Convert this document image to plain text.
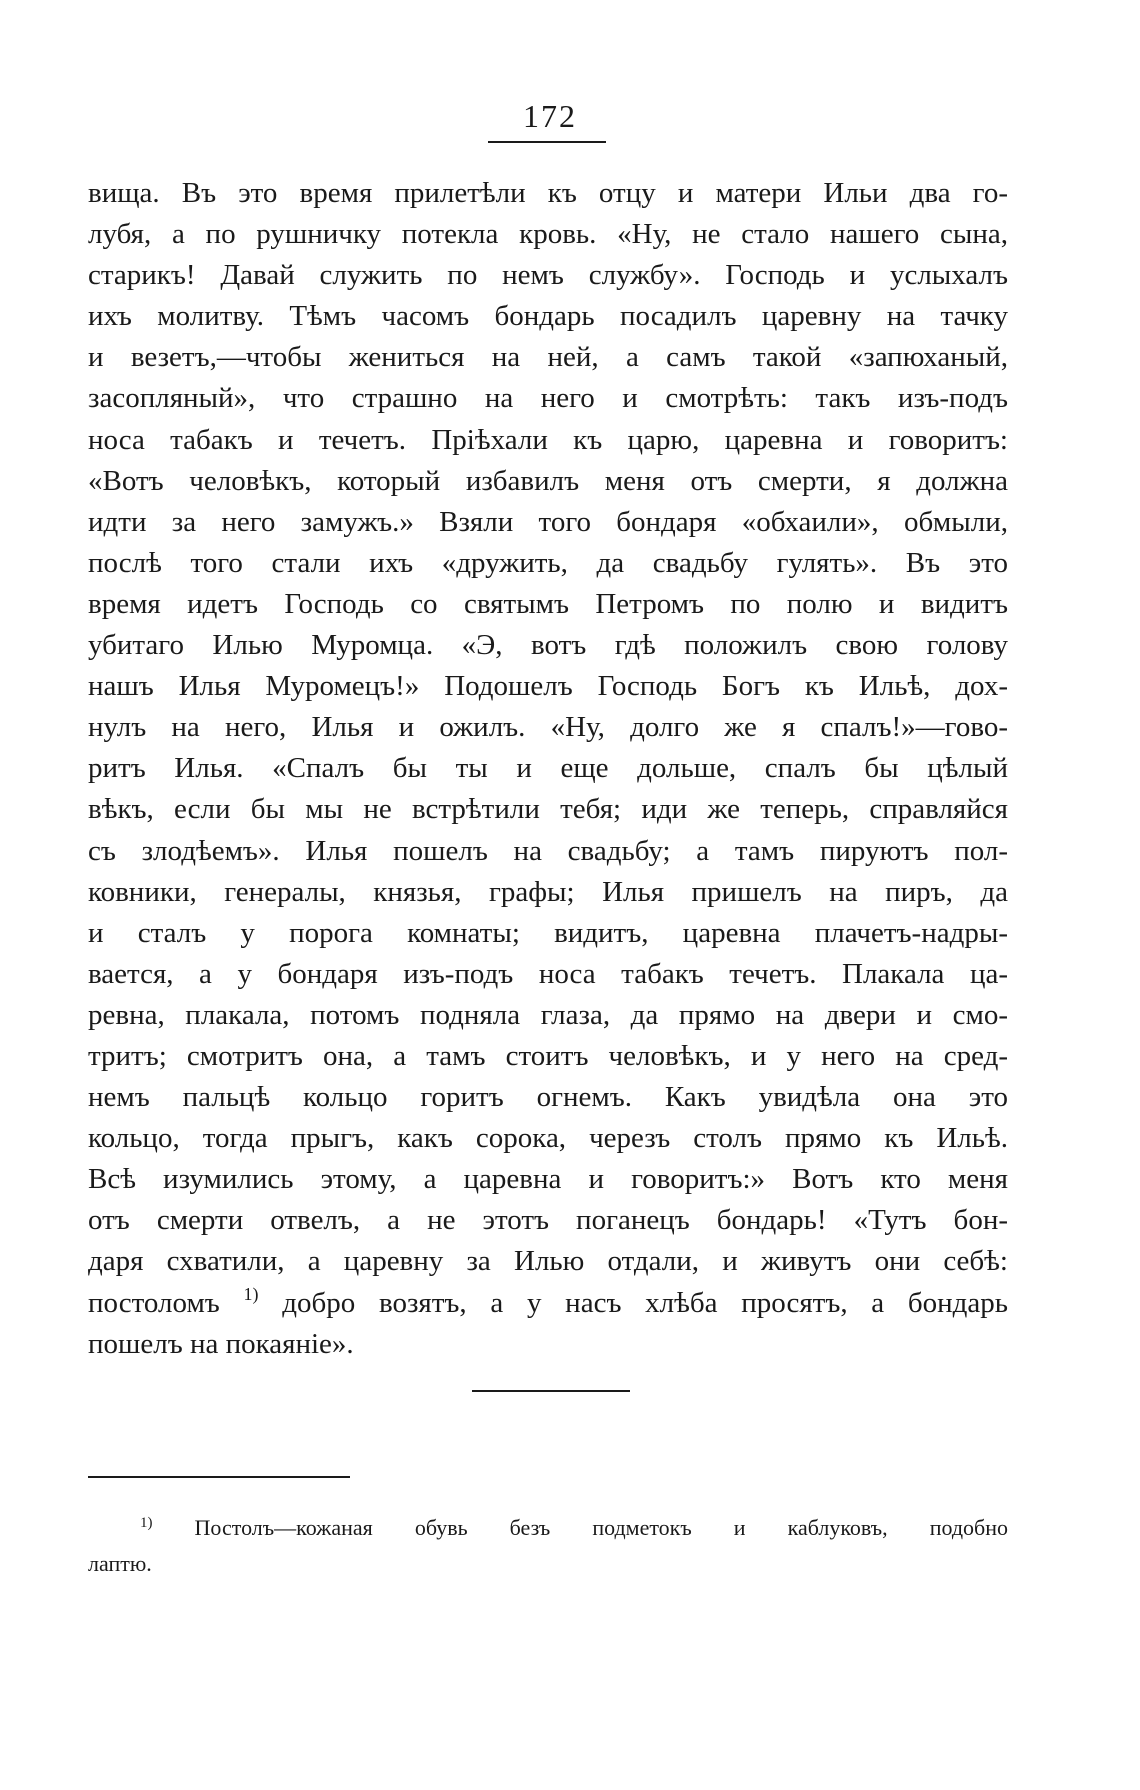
172
вища. Въ это время прилетѣли къ отцу и матери Ильи два го-
лубя, а по рушничку потекла кровь. «Ну, не стало нашего сына,
старикъ! Давай служить по немъ службу». Господь и услыхалъ
ихъ молитву. Тѣмъ часомъ бондарь посадилъ царевну на тачку
и везетъ,—чтобы жениться на ней, а самъ такой «запюханый,
засопляный», что страшно на него и смотрѣть: такъ изъ-подъ
носа табакъ и течетъ. Пріѣхали къ царю, царевна и говоритъ:
«Вотъ человѣкъ, который избавилъ меня отъ смерти, я должна
идти за него замужъ.» Взяли того бондаря «обхаили», обмыли,
послѣ того стали ихъ «дружить, да свадьбу гулять». Въ это
время идетъ Господь со святымъ Петромъ по полю и видитъ
убитаго Илью Муромца. «Э, вотъ гдѣ положилъ свою голову
нашъ Илья Муромецъ!» Подошелъ Господь Богъ къ Ильѣ, дох-
нулъ на него, Илья и ожилъ. «Ну, долго же я спалъ!»—гово-
ритъ Илья. «Спалъ бы ты и еще дольше, спалъ бы цѣлый
вѣкъ, если бы мы не встрѣтили тебя; иди же теперь, справляйся
съ злодѣемъ». Илья пошелъ на свадьбу; а тамъ пируютъ пол-
ковники, генералы, князья, графы; Илья пришелъ на пиръ, да
и сталъ у порога комнаты; видитъ, царевна плачетъ-надры-
вается, а у бондаря изъ-подъ носа табакъ течетъ. Плакала ца-
ревна, плакала, потомъ подняла глаза, да прямо на двери и смо-
тритъ; смотритъ она, а тамъ стоитъ человѣкъ, и у него на сред-
немъ пальцѣ кольцо горитъ огнемъ. Какъ увидѣла она это
кольцо, тогда прыгъ, какъ сорока, черезъ столъ прямо къ Ильѣ.
Всѣ изумились этому, а царевна и говоритъ:» Вотъ кто меня
отъ смерти отвелъ, а не этотъ поганецъ бондарь! «Тутъ бон-
даря схватили, а царевну за Илью отдали, и живутъ они себѣ:
постоломъ $^{1)}$ добро возятъ, а у насъ хлѣба просятъ, а бондарь
пошелъ на покаяніе».
$^{1)}$ Постолъ—кожаная обувь безъ подметокъ и каблуковъ, подобно
лаптю.
